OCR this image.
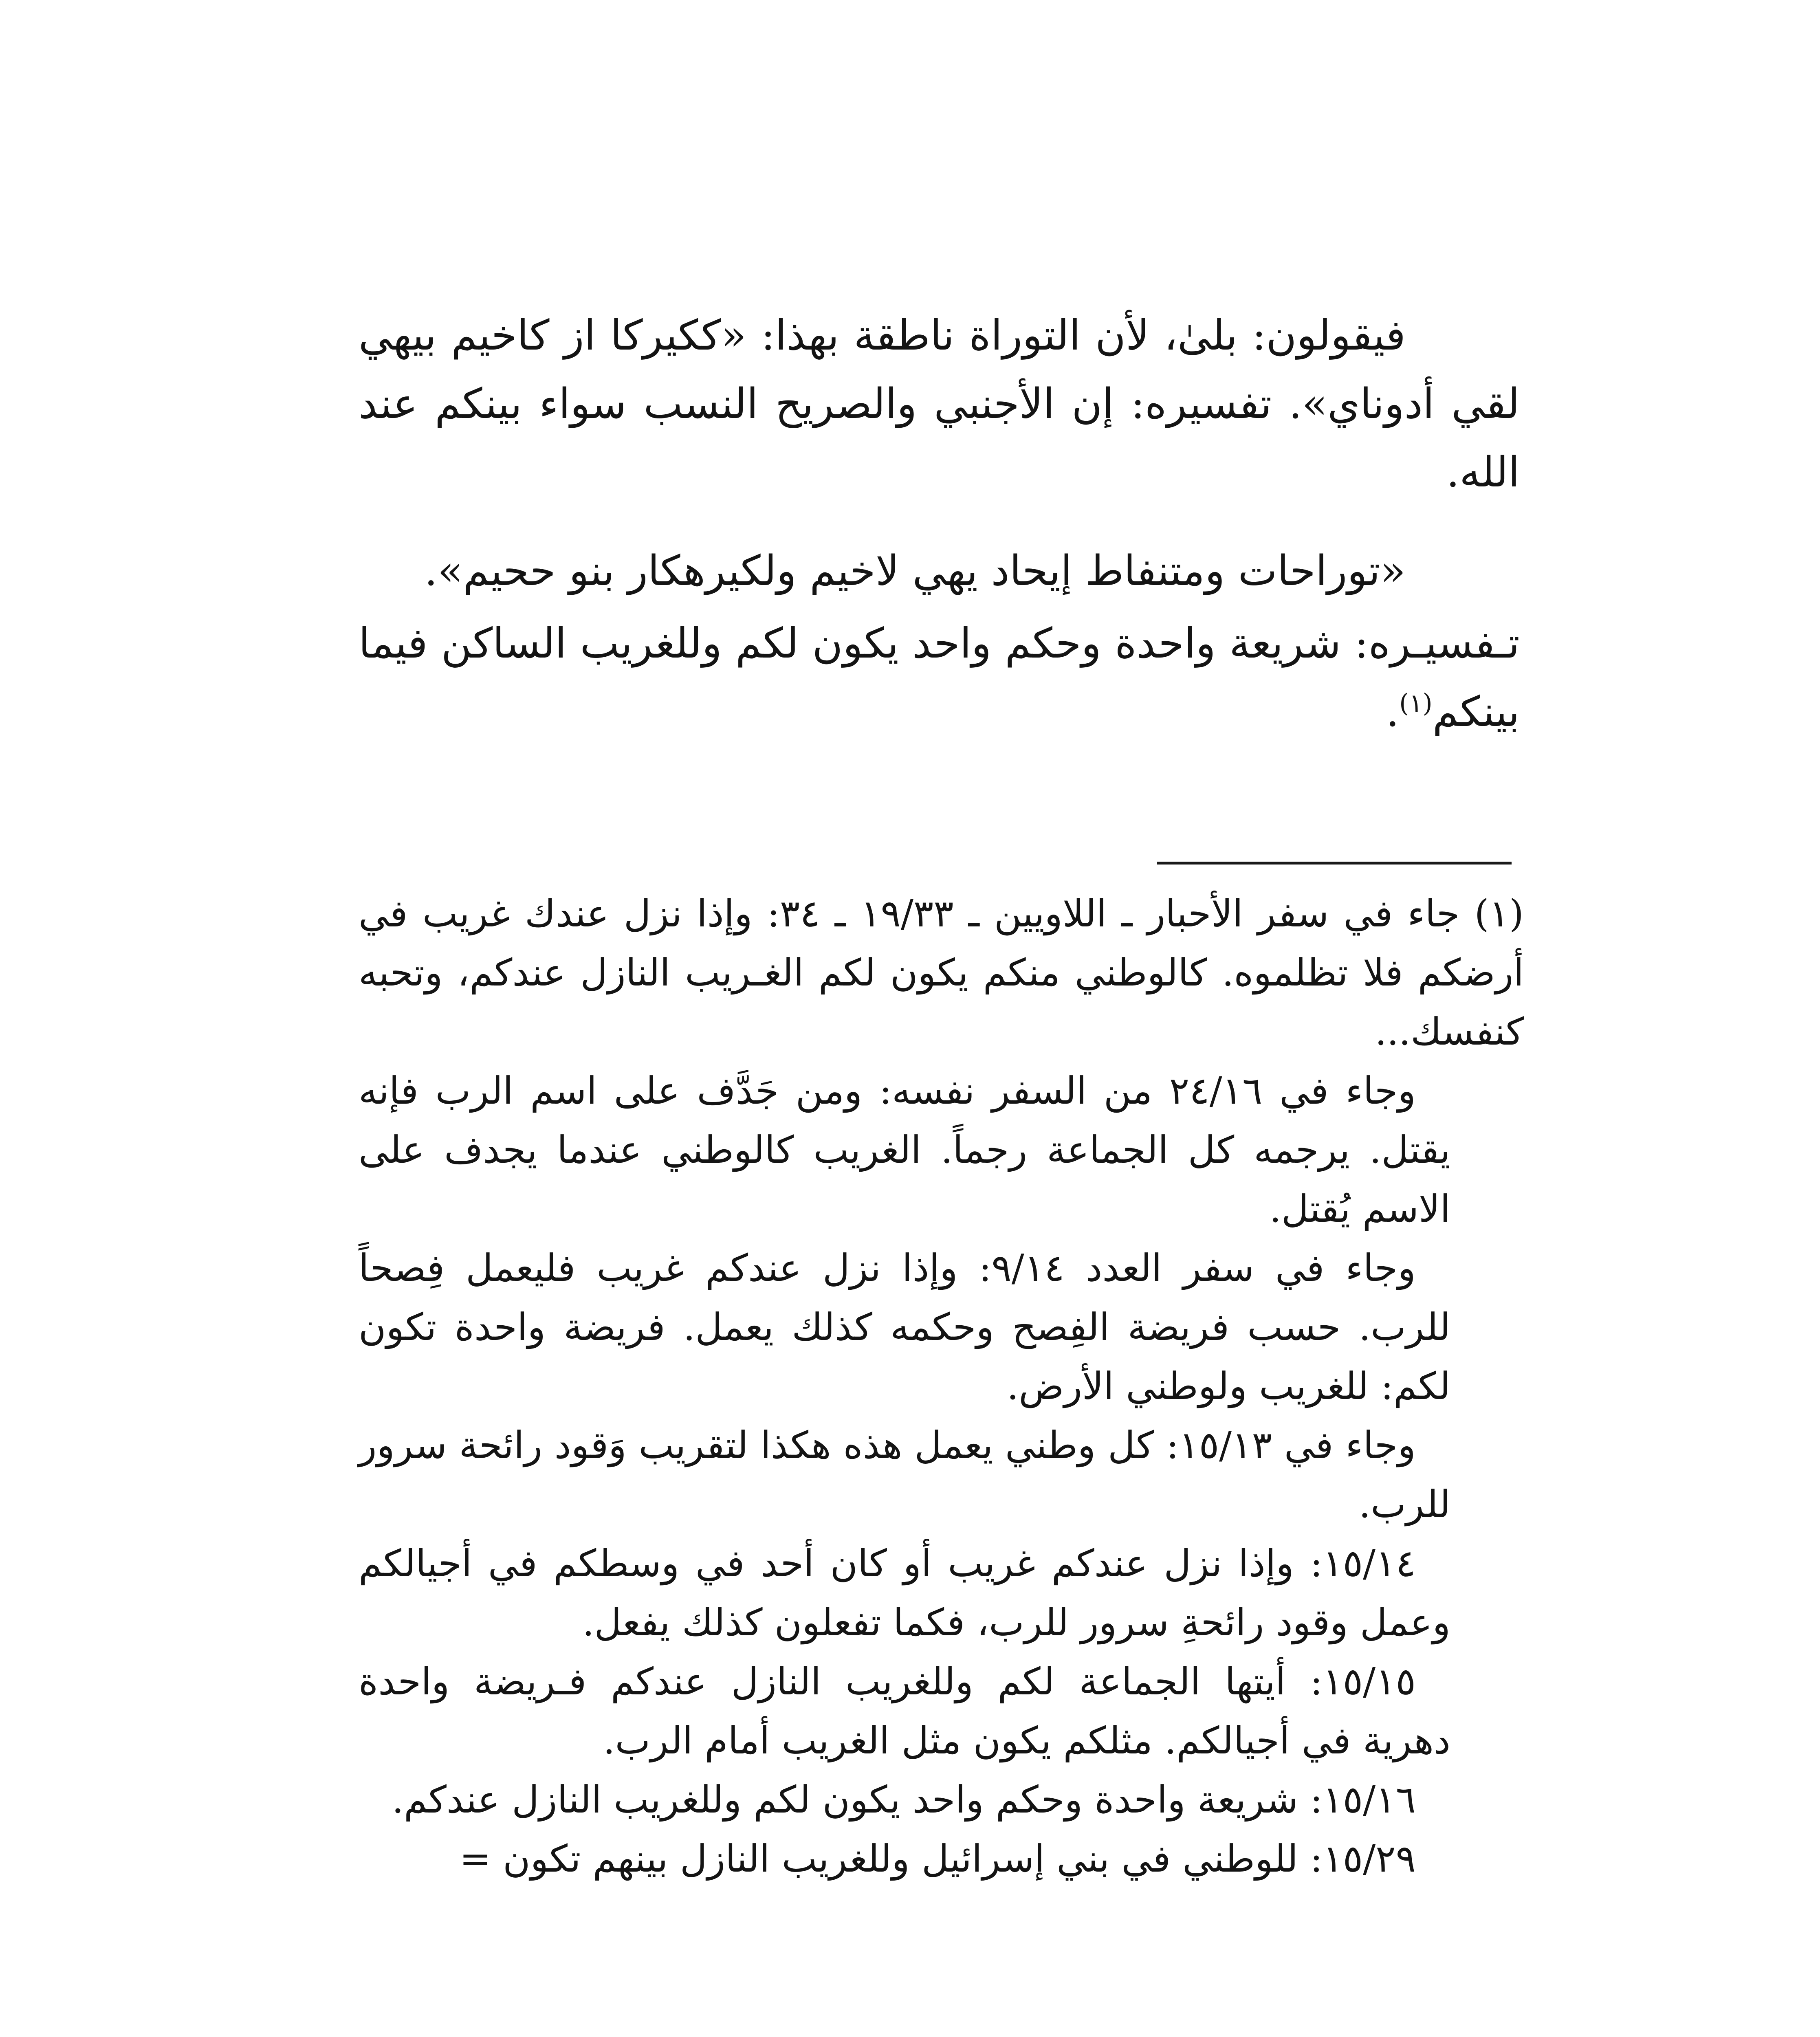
فيقولون: بلىٰ، لأن التوراة ناطقة بهذا: «ككيركا از كاخيم بيهي لقي أدوناي». تفسيره: إن الأجنبي والصريح النسب سواء بينكم عند الله.

«توراحات ومتنفاط إيحاد يهي لاخيم ولكيرهكار بنو ححيم».

تـفسيـره: شريعة واحدة وحكم واحد يكون لكم وللغريب الساكن فيما بينكم$^{(١)}$.

(١) جاء في سفر الأحبار ـ اللاويين ـ ١٩/٣٣ ـ ٣٤: وإذا نزل عندك غريب في أرضكم فلا تظلموه. كالوطني منكم يكون لكم الغـريب النازل عندكم، وتحبه كنفسك...

وجاء في ٢٤/١٦ من السفر نفسه: ومن جَدَّف على اسم الرب فإنه يقتل. يرجمه كل الجماعة رجماً. الغريب كالوطني عندما يجدف على الاسم يُقتل.

وجاء في سفر العدد ٩/١٤: وإذا نزل عندكم غريب فليعمل فِصحاً للرب. حسب فريضة الفِصح وحكمه كذلك يعمل. فريضة واحدة تكون لكم: للغريب ولوطني الأرض.

وجاء في ١٥/١٣: كل وطني يعمل هذه هكذا لتقريب وَقود رائحة سرور للرب.

١٥/١٤: وإذا نزل عندكم غريب أو كان أحد في وسطكم في أجيالكم وعمل وقود رائحةِ سرور للرب، فكما تفعلون كذلك يفعل.

١٥/١٥: أيتها الجماعة لكم وللغريب النازل عندكم فـريضة واحدة دهرية في أجيالكم. مثلكم يكون مثل الغريب أمام الرب.

١٥/١٦: شريعة واحدة وحكم واحد يكون لكم وللغريب النازل عندكم.

١٥/٢٩: للوطني في بني إسرائيل وللغريب النازل بينهم تكون =
